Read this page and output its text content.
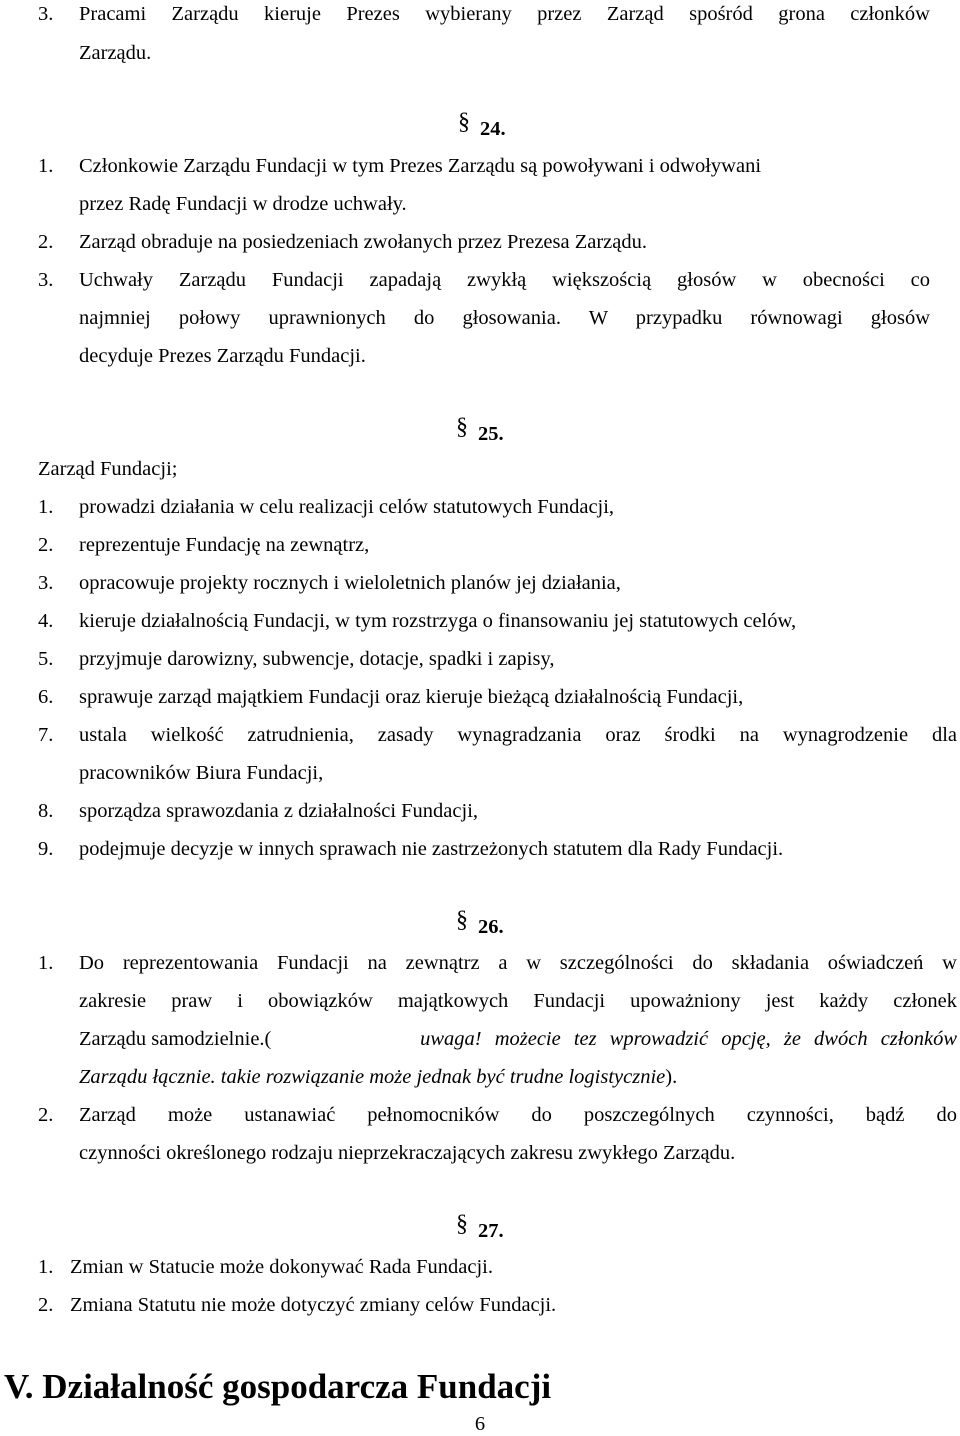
3. Pracami Zarządu kieruje Prezes wybierany przez Zarząd spośród grona członków
Zarządu.
§ 24.
1. Członkowie Zarządu Fundacji w tym Prezes Zarządu są powoływani i odwoływani
przez Radę Fundacji w drodze uchwały.
2. Zarząd obraduje na posiedzeniach zwołanych przez Prezesa Zarządu.
3. Uchwały Zarządu Fundacji zapadają zwykłą większością głosów w obecności co
najmniej połowy uprawnionych do głosowania. W przypadku równowagi głosów
decyduje Prezes Zarządu Fundacji.
§ 25.
Zarząd Fundacji;
1. prowadzi działania w celu realizacji celów statutowych Fundacji,
2. reprezentuje Fundację na zewnątrz,
3. opracowuje projekty rocznych i wieloletnich planów jej działania,
4. kieruje działalnością Fundacji, w tym rozstrzyga o finansowaniu jej statutowych celów,
5. przyjmuje darowizny, subwencje, dotacje, spadki i zapisy,
6. sprawuje zarząd majątkiem Fundacji oraz kieruje bieżącą działalnością Fundacji,
7. ustala wielkość zatrudnienia, zasady wynagradzania oraz środki na wynagrodzenie dla
pracowników Biura Fundacji,
8. sporządza sprawozdania z działalności Fundacji,
9. podejmuje decyzje w innych sprawach nie zastrzeżonych statutem dla Rady Fundacji.
§ 26.
1. Do reprezentowania Fundacji na zewnątrz a w szczególności do składania oświadczeń w
zakresie praw i obowiązków majątkowych Fundacji upoważniony jest każdy członek
Zarządu samodzielnie.(	uwaga! możecie tez wprowadzić opcję, że dwóch członków
Zarządu łącznie. takie rozwiązanie może jednak być trudne logistycznie).
2. Zarząd może ustanawiać pełnomocników do poszczególnych czynności, bądź do
czynności określonego rodzaju nieprzekraczających zakresu zwykłego Zarządu.
§ 27.
1. Zmian w Statucie może dokonywać Rada Fundacji.
2. Zmiana Statutu nie może dotyczyć zmiany celów Fundacji.
V. Działalność gospodarcza Fundacji
6
